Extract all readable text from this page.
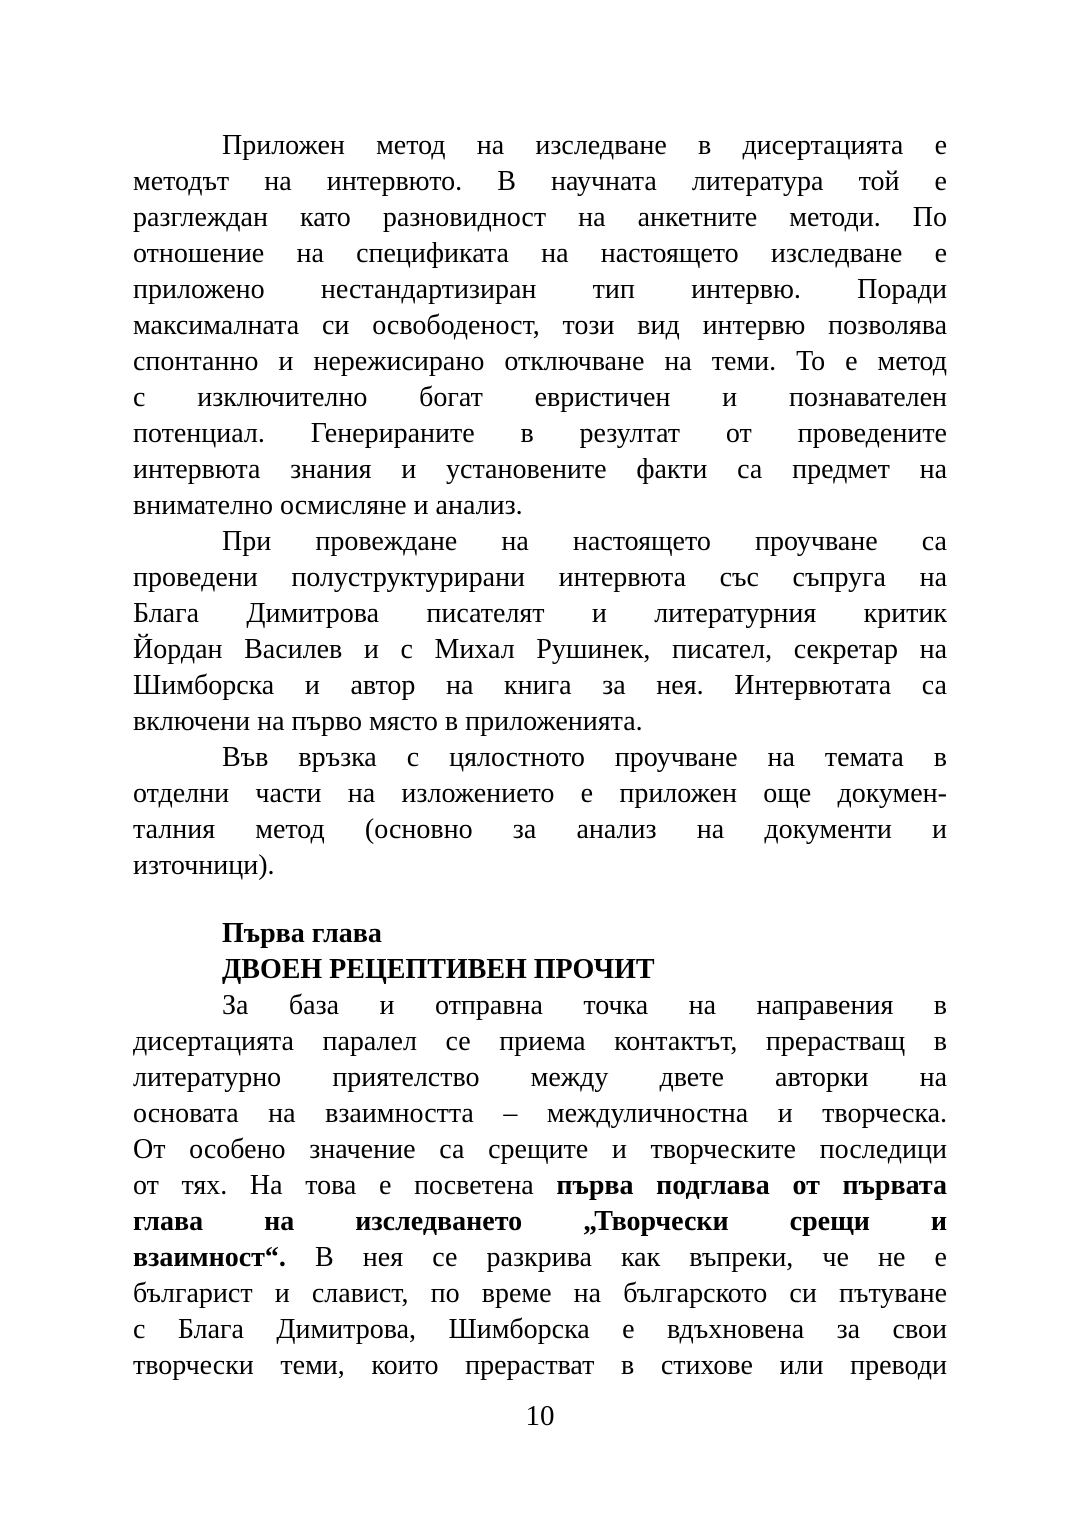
Приложен метод на изследване в дисертацията е
методът на интервюто. В научната литература той е
разглеждан като разновидност на анкетните методи. По
отношение на спецификата на настоящето изследване е
приложено нестандартизиран тип интервю. Поради
максималната си освободеност, този вид интервю позволява
спонтанно и нережисирано отключване на теми. То е метод
с изключително богат евристичен и познавателен
потенциал. Генерираните в резултат от проведените
интервюта знания и установените факти са предмет на
внимателно осмисляне и анализ.
При провеждане на настоящето проучване са
проведени полуструктурирани интервюта със съпруга на
Блага Димитрова писателят и литературния критик
Йордан Василев и с Михал Рушинек, писател, секретар на
Шимборска и автор на книга за нея. Интервютата са
включени на първо място в приложенията.
Във връзка с цялостното проучване на темата в
отделни части на изложението е приложен още докумен-
талния метод (основно за анализ на документи и
източници).
Първа глава
ДВОЕН РЕЦЕПТИВЕН ПРОЧИТ
За база и отправна точка на направения в
дисертацията паралел се приема контактът, прерастващ в
литературно приятелство между двете авторки на
основата на взаимността – междуличностна и творческа.
От особено значение са срещите и творческите последици
от тях. На това е посветена първа подглава от първата
глава на изследването „Творчески срещи и
взаимност“. В нея се разкрива как въпреки, че не е
българист и славист, по време на българското си пътуване
с Блага Димитрова, Шимборска е вдъхновена за свои
творчески теми, които прерастват в стихове или преводи
10
